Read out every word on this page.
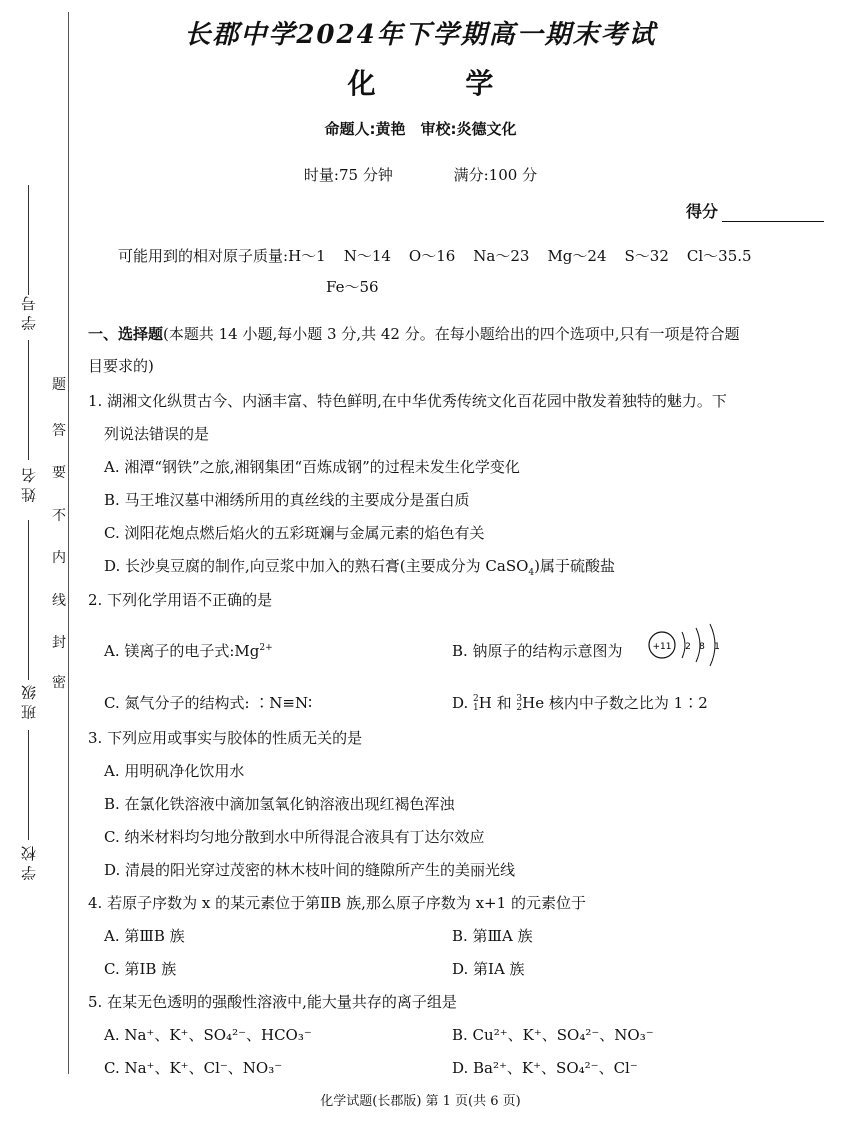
学 号
姓 名
班 级
学 校
密
封
线
内
不
要
答
题
长郡中学2024年下学期高一期末考试
化 学
命题人:黄艳　审校:炎德文化
时量:75 分钟	满分:100 分
得分
可能用到的相对原子质量:H～1 N～14 O～16 Na～23 Mg～24 S～32 Cl～35.5
Fe～56
一、选择题(本题共 14 小题,每小题 3 分,共 42 分。在每小题给出的四个选项中,只有一项是符合题
目要求的)
1. 湖湘文化纵贯古今、内涵丰富、特色鲜明,在中华优秀传统文化百花园中散发着独特的魅力。下
列说法错误的是
A. 湘潭“钢铁”之旅,湘钢集团“百炼成钢”的过程未发生化学变化
B. 马王堆汉墓中湘绣所用的真丝线的主要成分是蛋白质
C. 浏阳花炮点燃后焰火的五彩斑斓与金属元素的焰色有关
D. 长沙臭豆腐的制作,向豆浆中加入的熟石膏(主要成分为 CaSO$_4$)属于硫酸盐
2. 下列化学用语不正确的是
A. 镁离子的电子式$:Mg^{2+}$	B. 钠原子的结构示意图为	+11 2 8 1
C. 氮气分子的结构式: ∶N≡N∶	D. 2
1H 和 3
2He 核内中子数之比为 1∶2
3. 下列应用或事实与胶体的性质无关的是
A. 用明矾净化饮用水
B. 在氯化铁溶液中滴加氢氧化钠溶液出现红褐色浑浊
C. 纳米材料均匀地分散到水中所得混合液具有丁达尔效应
D. 清晨的阳光穿过茂密的林木枝叶间的缝隙所产生的美丽光线
4. 若原子序数为 x 的某元素位于第ⅡB 族,那么原子序数为 x+1 的元素位于
A. 第ⅢB 族	B. 第ⅢA 族
C. 第ⅠB 族	D. 第ⅠA 族
5. 在某无色透明的强酸性溶液中,能大量共存的离子组是
A. Na⁺、K⁺、SO₄²⁻、HCO₃⁻	B. Cu²⁺、K⁺、SO₄²⁻、NO₃⁻
C. Na⁺、K⁺、Cl⁻、NO₃⁻	D. Ba²⁺、K⁺、SO₄²⁻、Cl⁻
化学试题(长郡版) 第 1 页(共 6 页)
